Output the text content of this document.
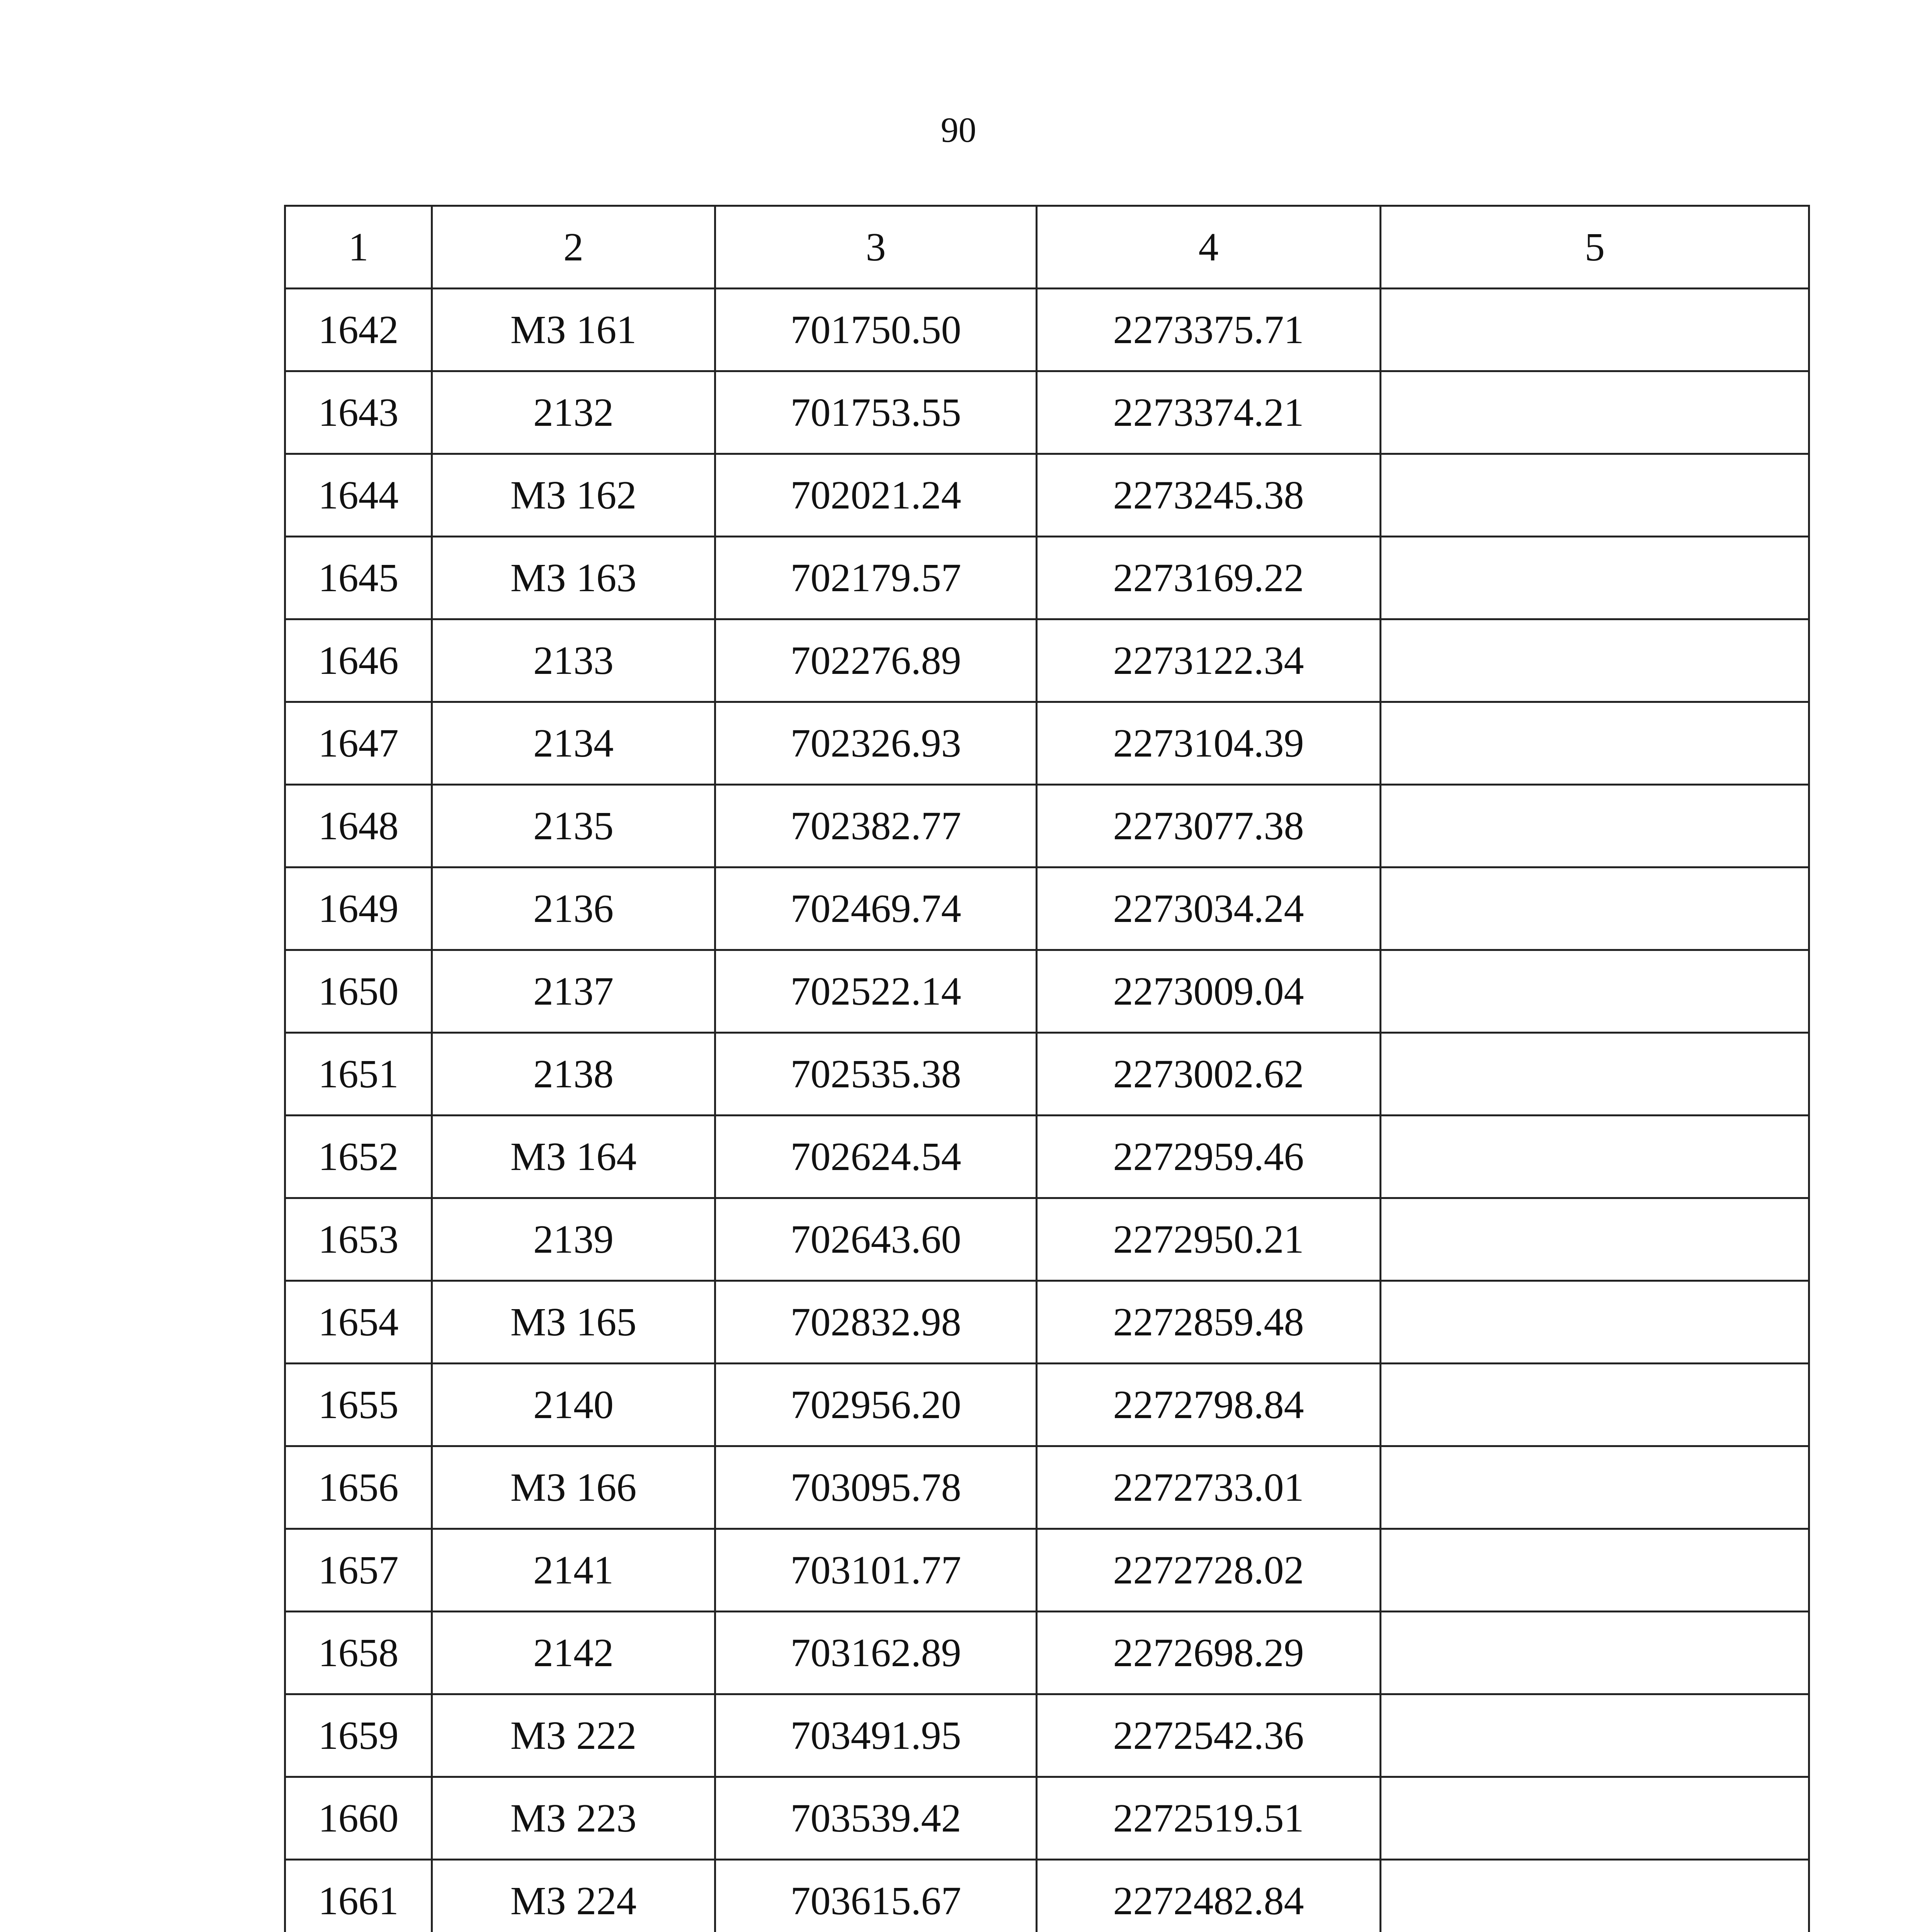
90
1	2	3	4	5
1642	МЗ 161	701750.50	2273375.71	
1643	2132	701753.55	2273374.21	
1644	МЗ 162	702021.24	2273245.38	
1645	МЗ 163	702179.57	2273169.22	
1646	2133	702276.89	2273122.34	
1647	2134	702326.93	2273104.39	
1648	2135	702382.77	2273077.38	
1649	2136	702469.74	2273034.24	
1650	2137	702522.14	2273009.04	
1651	2138	702535.38	2273002.62	
1652	МЗ 164	702624.54	2272959.46	
1653	2139	702643.60	2272950.21	
1654	МЗ 165	702832.98	2272859.48	
1655	2140	702956.20	2272798.84	
1656	МЗ 166	703095.78	2272733.01	
1657	2141	703101.77	2272728.02	
1658	2142	703162.89	2272698.29	
1659	МЗ 222	703491.95	2272542.36	
1660	МЗ 223	703539.42	2272519.51	
1661	МЗ 224	703615.67	2272482.84	
